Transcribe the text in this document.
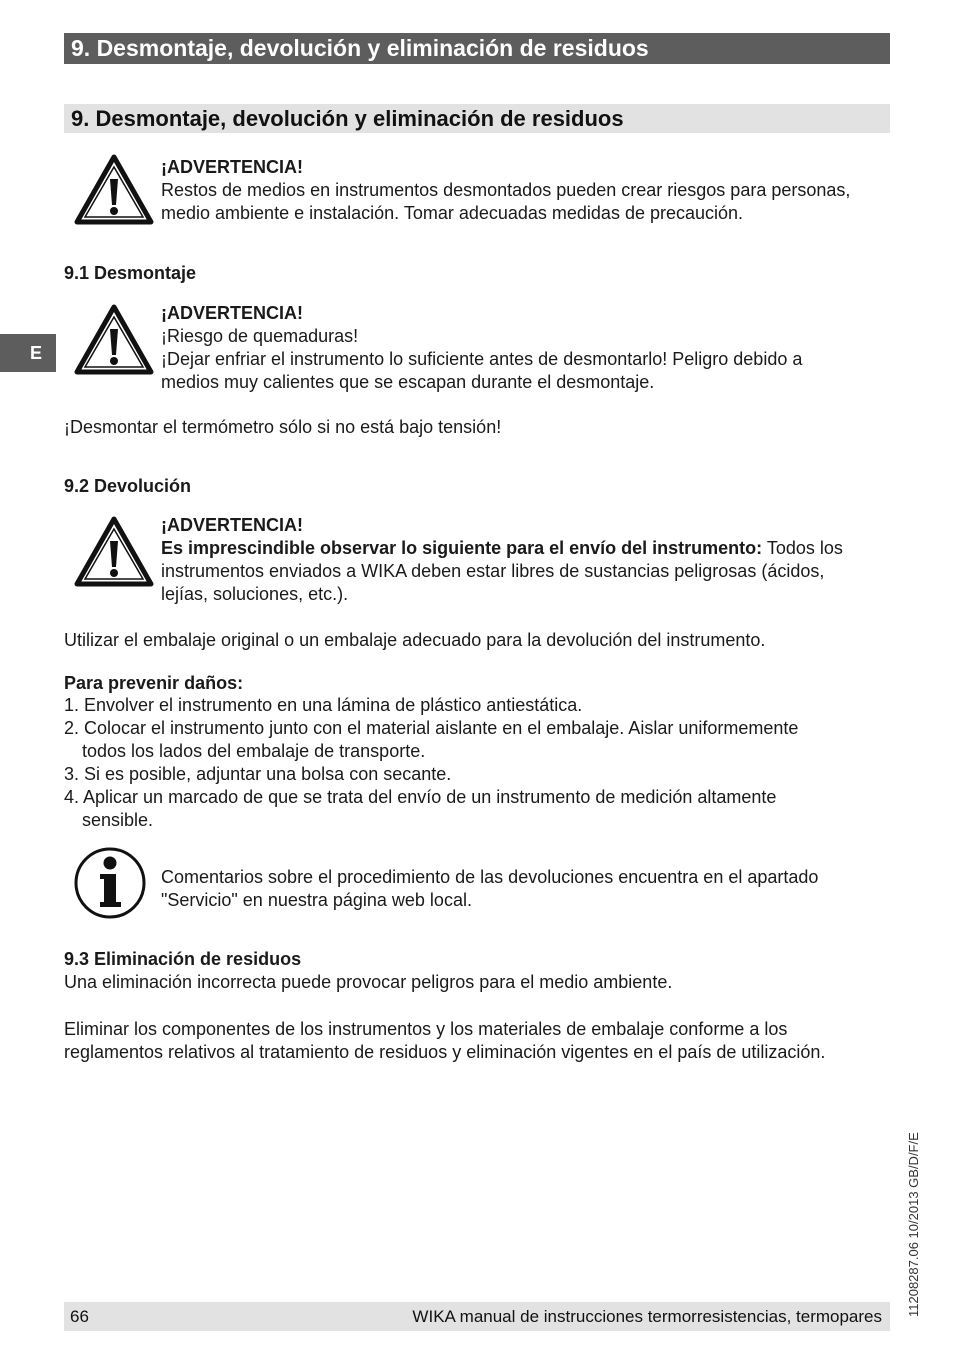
9. Desmontaje, devolución y eliminación de residuos
9. Desmontaje, devolución y eliminación de residuos
E

¡ADVERTENCIA!

Restos de medios en instrumentos desmontados pueden crear riesgos para personas, medio ambiente e instalación. Tomar adecuadas medidas de precaución.

9.1 Desmontaje

¡ADVERTENCIA!

¡Riesgo de quemaduras!

¡Dejar enfriar el instrumento lo suficiente antes de desmontarlo! Peligro debido a medios muy calientes que se escapan durante el desmontaje.

¡Desmontar el termómetro sólo si no está bajo tensión!
9.2 Devolución

¡ADVERTENCIA!

Es imprescindible observar lo siguiente para el envío del instrumento: Todos los instrumentos enviados a WIKA deben estar libres de sustancias peligrosas (ácidos, lejías, soluciones, etc.).

Utilizar el embalaje original o un embalaje adecuado para la devolución del instrumento.
Para prevenir daños:
1. Envolver el instrumento en una lámina de plástico antiestática.
2. Colocar el instrumento junto con el material aislante en el embalaje. Aislar uniformemente todos los lados del embalaje de transporte.
3. Si es posible, adjuntar una bolsa con secante.
4. Aplicar un marcado de que se trata del envío de un instrumento de medición altamente sensible.
Comentarios sobre el procedimiento de las devoluciones encuentra en el apartado "Servicio" en nuestra página web local.
9.3 Eliminación de residuos
Una eliminación incorrecta puede provocar peligros para el medio ambiente.
Eliminar los componentes de los instrumentos y los materiales de embalaje conforme a los reglamentos relativos al tratamiento de residuos y eliminación vigentes en el país de utilización.
11208287.06 10/2013 GB/D/F/E
66	WIKA manual de instrucciones termorresistencias, termopares
